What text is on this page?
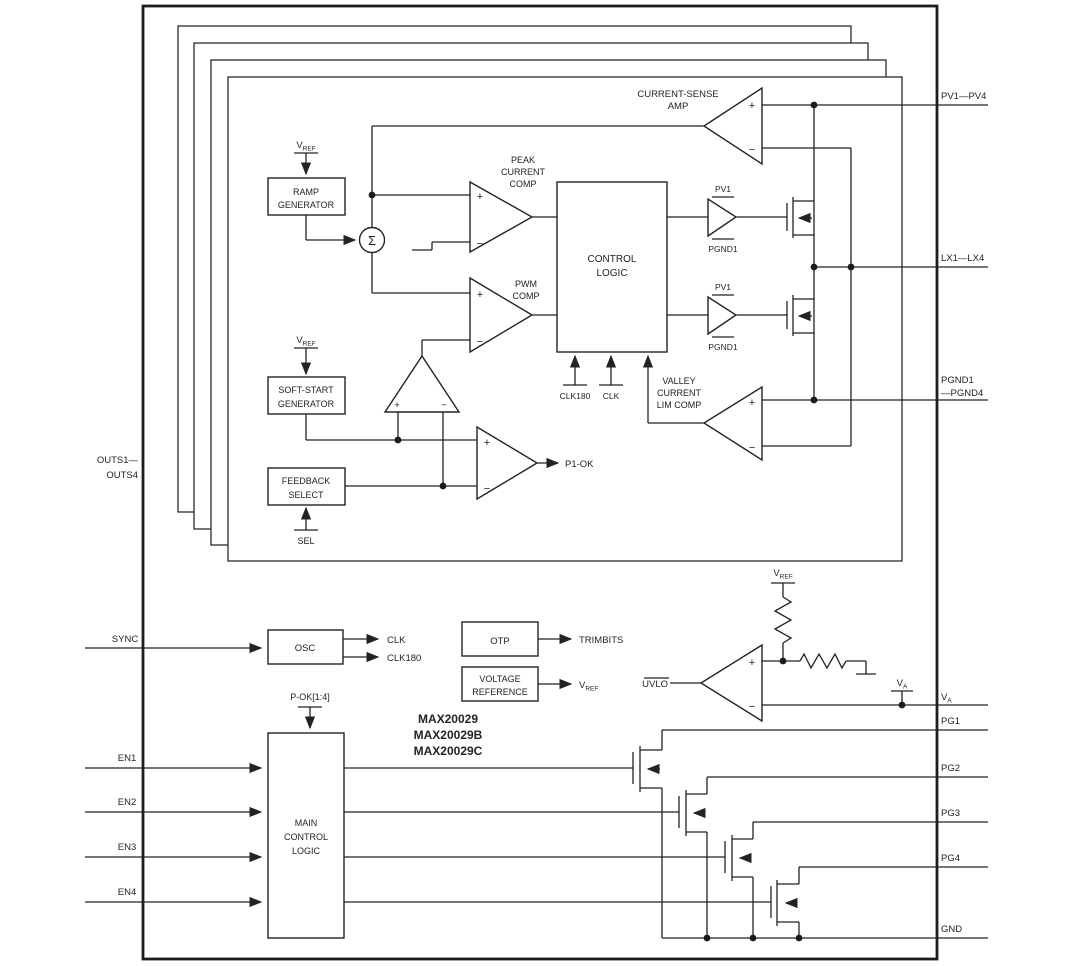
CURRENT-SENSE
AMP	+
−
$V_{REF}$
RAMP
GENERATOR
Σ
PEAK
CURRENT
COMP
+
−
PWM
COMP
+
−
CONTROL
LOGIC
CLK180 CLK
VALLEY
CURRENT
LIM COMP	+
−
PV1
PGND1
PV1
PGND1
$V_{REF}$
SOFT-START
GENERATOR	+	−
FEEDBACK
SELECT
SEL
+
−
P1-OK
OUTS1—
OUTS4
SYNC
EN1
EN2
EN3
EN4
OSC
CLK
CLK180
P-OK[1:4]
MAX20029
MAX20029B
MAX20029C
OTP	TRIMBITS
VOLTAGE
REFERENCE
$V_{REF}$	UVLO
+
−
$V_{REF}$
$V_A$
MAIN
CONTROL
LOGIC
PV1—PV4
LX1—LX4
PGND1
—PGND4
$V_A$
PG1
PG2
PG3
PG4
GND
